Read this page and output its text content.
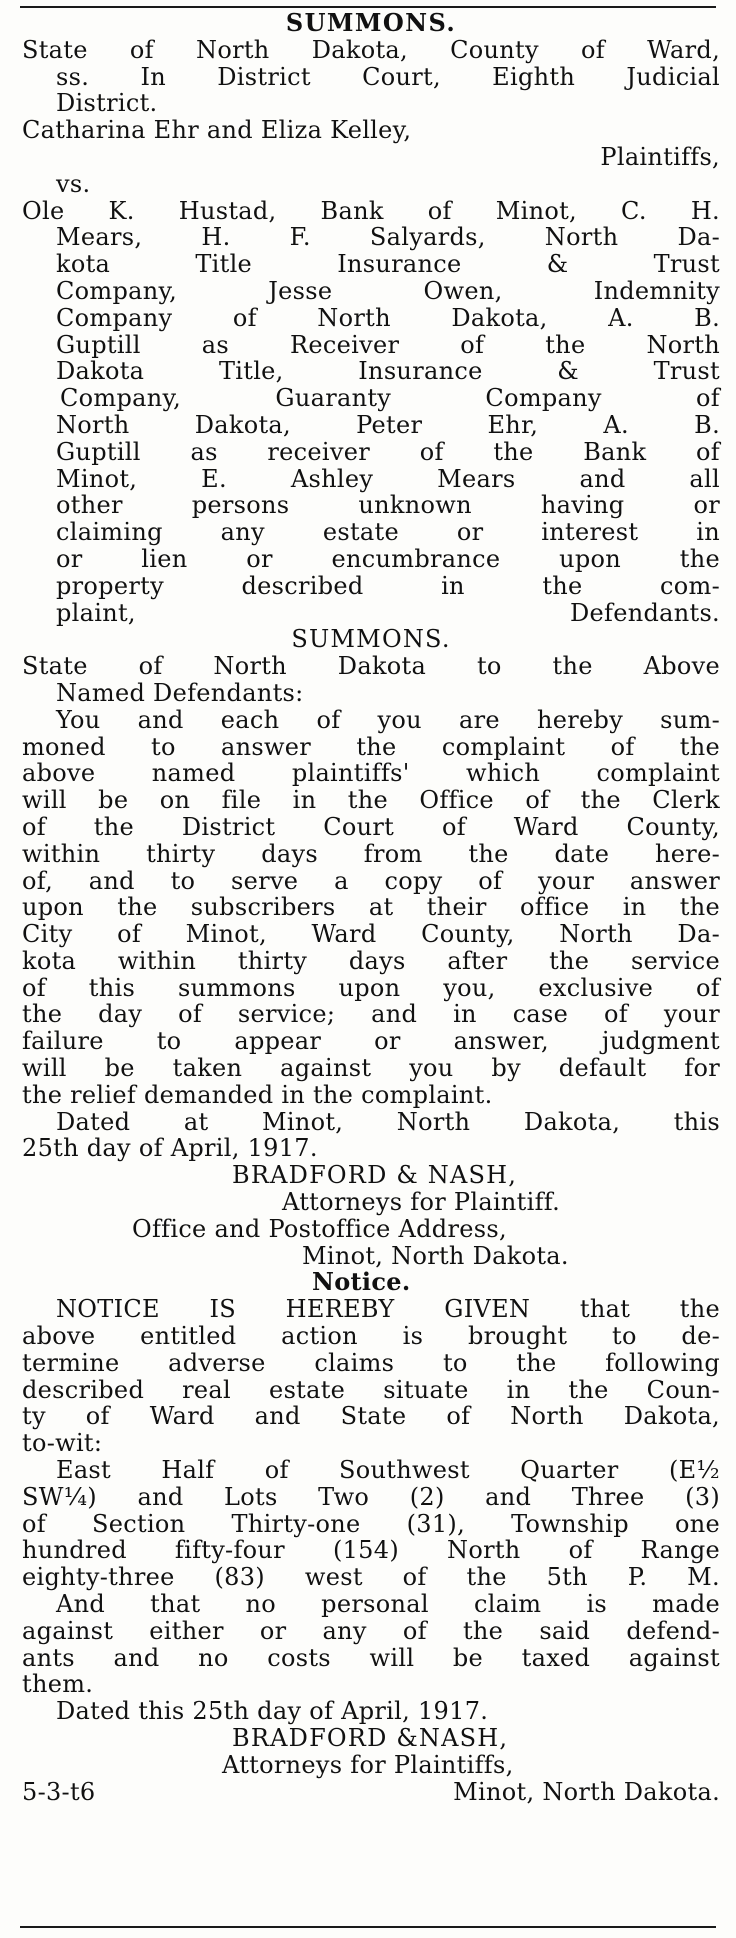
SUMMONS.
State of North Dakota, County of Ward,
ss. In District Court, Eighth Judicial
District.
Catharina Ehr and Eliza Kelley,
Plaintiffs,
vs.
Ole K. Hustad, Bank of Minot, C. H.
Mears, H. F. Salyards, North Da-
kota Title Insurance & Trust
Company, Jesse Owen, Indemnity
Company of North Dakota, A. B.
Guptill as Receiver of the North
Dakota Title, Insurance & Trust
Company, Guaranty Company of
North Dakota, Peter Ehr, A. B.
Guptill as receiver of the Bank of
Minot, E. Ashley Mears and all
other persons unknown having or
claiming any estate or interest in
or lien or encumbrance upon the
property described in the com-
plaint,	Defendants.
SUMMONS.
State of North Dakota to the Above
Named Defendants:
You and each of you are hereby sum-
moned to answer the complaint of the
above named plaintiffs' which complaint
will be on file in the Office of the Clerk
of the District Court of Ward County,
within thirty days from the date here-
of, and to serve a copy of your answer
upon the subscribers at their office in the
City of Minot, Ward County, North Da-
kota within thirty days after the service
of this summons upon you, exclusive of
the day of service; and in case of your
failure to appear or answer, judgment
will be taken against you by default for
the relief demanded in the complaint.
Dated at Minot, North Dakota, this
25th day of April, 1917.
BRADFORD & NASH,
Attorneys for Plaintiff.
Office and Postoffice Address,
Minot, North Dakota.
Notice.
NOTICE IS HEREBY GIVEN that the
above entitled action is brought to de-
termine adverse claims to the following
described real estate situate in the Coun-
ty of Ward and State of North Dakota,
to-wit:
East Half of Southwest Quarter (E½
SW¼) and Lots Two (2) and Three (3)
of Section Thirty-one (31), Township one
hundred fifty-four (154) North of Range
eighty-three (83) west of the 5th P. M.
And that no personal claim is made
against either or any of the said defend-
ants and no costs will be taxed against
them.
Dated this 25th day of April, 1917.
BRADFORD &NASH,
Attorneys for Plaintiffs,
5-3-t6	Minot, North Dakota.
